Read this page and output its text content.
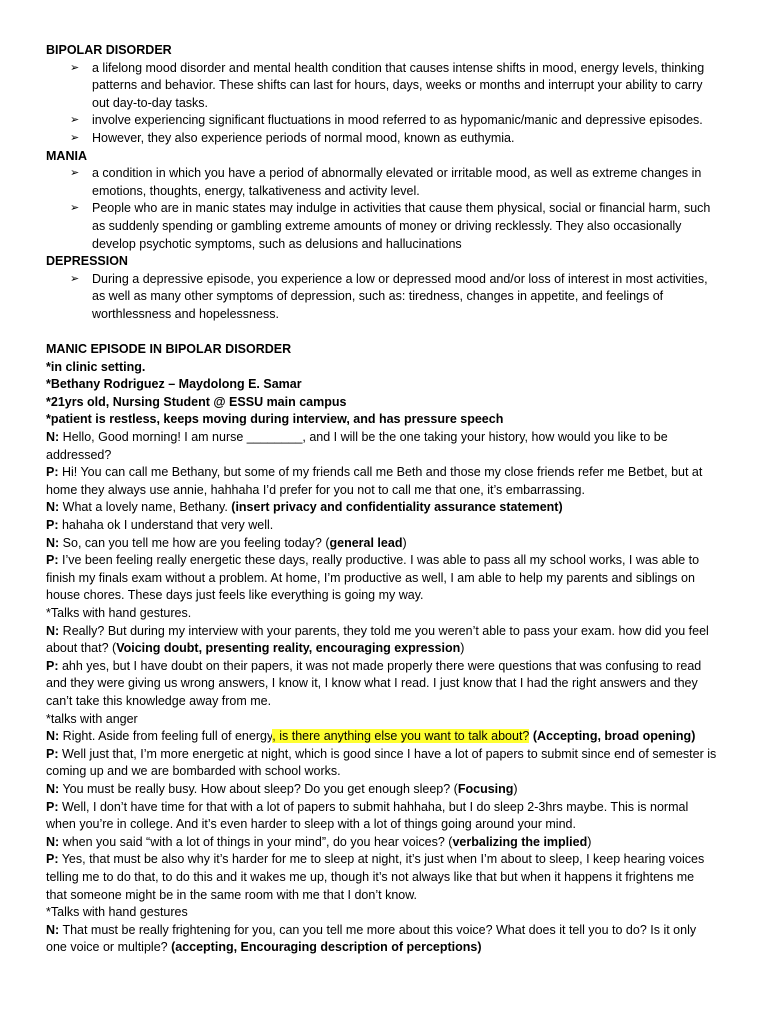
BIPOLAR DISORDER

➢ a lifelong mood disorder and mental health condition that causes intense shifts in mood, energy levels, thinking patterns and behavior. These shifts can last for hours, days, weeks or months and interrupt your ability to carry out day-to-day tasks.
➢ involve experiencing significant fluctuations in mood referred to as hypomanic/manic and depressive episodes.
➢ However, they also experience periods of normal mood, known as euthymia.

MANIA

➢ a condition in which you have a period of abnormally elevated or irritable mood, as well as extreme changes in emotions, thoughts, energy, talkativeness and activity level.
➢ People who are in manic states may indulge in activities that cause them physical, social or financial harm, such as suddenly spending or gambling extreme amounts of money or driving recklessly. They also occasionally develop psychotic symptoms, such as delusions and hallucinations

DEPRESSION

➢ During a depressive episode, you experience a low or depressed mood and/or loss of interest in most activities, as well as many other symptoms of depression, such as: tiredness, changes in appetite, and feelings of worthlessness and hopelessness.

MANIC EPISODE IN BIPOLAR DISORDER

*in clinic setting.

*Bethany Rodriguez – Maydolong E. Samar

*21yrs old, Nursing Student @ ESSU main campus

*patient is restless, keeps moving during interview, and has pressure speech

N: Hello, Good morning! I am nurse ________, and I will be the one taking your history, how would you like to be addressed?

P: Hi! You can call me Bethany, but some of my friends call me Beth and those my close friends refer me Betbet, but at home they always use annie, hahhaha I’d prefer for you not to call me that one, it’s embarrassing.

N: What a lovely name, Bethany. (insert privacy and confidentiality assurance statement)

P: hahaha ok I understand that very well.

N: So, can you tell me how are you feeling today? (general lead)

P: I’ve been feeling really energetic these days, really productive. I was able to pass all my school works, I was able to finish my finals exam without a problem. At home, I’m productive as well, I am able to help my parents and siblings on house chores. These days just feels like everything is going my way.

*Talks with hand gestures.

N: Really? But during my interview with your parents, they told me you weren’t able to pass your exam. how did you feel about that? (Voicing doubt, presenting reality, encouraging expression)

P: ahh yes, but I have doubt on their papers, it was not made properly there were questions that was confusing to read and they were giving us wrong answers, I know it, I know what I read. I just know that I had the right answers and they can’t take this knowledge away from me.

*talks with anger

N: Right. Aside from feeling full of energy, is there anything else you want to talk about? (Accepting, broad opening)

P: Well just that, I’m more energetic at night, which is good since I have a lot of papers to submit since end of semester is coming up and we are bombarded with school works.

N: You must be really busy. How about sleep? Do you get enough sleep? (Focusing)

P: Well, I don’t have time for that with a lot of papers to submit hahhaha, but I do sleep 2-3hrs maybe. This is normal when you’re in college. And it’s even harder to sleep with a lot of things going around your mind.

N: when you said “with a lot of things in your mind”, do you hear voices? (verbalizing the implied)

P: Yes, that must be also why it’s harder for me to sleep at night, it’s just when I’m about to sleep, I keep hearing voices telling me to do that, to do this and it wakes me up, though it’s not always like that but when it happens it frightens me that someone might be in the same room with me that I don’t know.

*Talks with hand gestures

N: That must be really frightening for you, can you tell me more about this voice? What does it tell you to do? Is it only one voice or multiple? (accepting, Encouraging description of perceptions)
